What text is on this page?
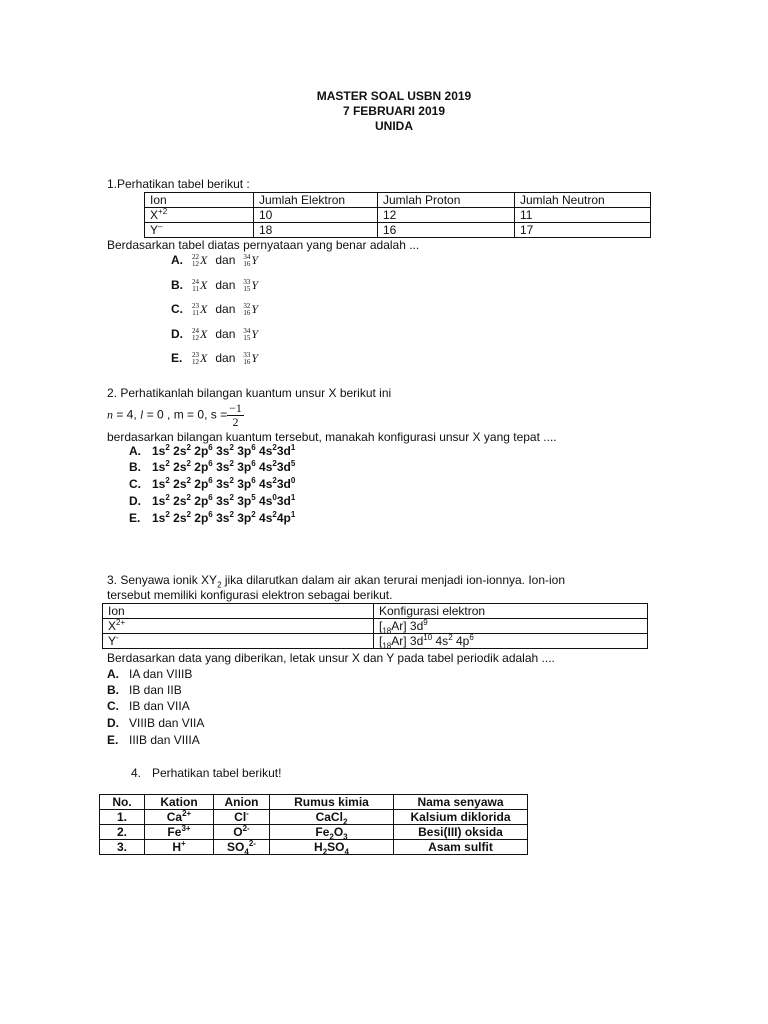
MASTER SOAL USBN 2019
7 FEBRUARI 2019
UNIDA
1.Perhatikan tabel berikut :
Ion	Jumlah Elektron	Jumlah Proton	Jumlah Neutron
$X^{+2}$	10	12	11
Y–	18	16	17
Berdasarkan tabel diatas pernyataan yang benar adalah ...
A. 22
12 X dan 34
16 Y
B. 24
11 X dan 33
15 Y
C. 23
11 X dan 32
16 Y
D. 24
12 X dan 34
15 Y
E. 23
12 X dan 33
16 Y
2. Perhatikanlah bilangan kuantum unsur X berikut ini
n = 4, l = 0 , m = 0, $s = \frac{-1}{2}$
berdasarkan bilangan kuantum tersebut, manakah konfigurasi unsur X yang tepat ....
A. $1s^2$ $2s^2$ $2p^6$ $3s^2$ $3p^6$ $4s^23d^1$
B. $1s^2$ $2s^2$ $2p^6$ $3s^2$ $3p^6$ $4s^23d^5$
C. $1s^2$ $2s^2$ $2p^6$ $3s^2$ $3p^6$ $4s^23d^0$
D. $1s^2$ $2s^2$ $2p^6$ $3s^2$ $3p^5$ $4s^03d^1$
E. $1s^2$ $2s^2$ $2p^6$ $3s^2$ $3p^2$ $4s^24p^1$
3. Senyawa ionik $XY_2$ jika dilarutkan dalam air akan terurai menjadi ion-ionnya. Ion-ion
tersebut memiliki konfigurasi elektron sebagai berikut.
Ion	Konfigurasi elektron
$X^{2+}$	$[_{18}Ar]$ $3d^9$
Y-	$[_{18}Ar]$ $3d^{10}$ $4s^2$ $4p^6$
Berdasarkan data yang diberikan, letak unsur X dan Y pada tabel periodik adalah ....
A. IA dan VIIIB
B. IB dan IIB
C. IB dan VIIA
D. VIIIB dan VIIA
E. IIIB dan VIIIA
4. Perhatikan tabel berikut!
No.	Kation	Anion	Rumus kimia	Nama senyawa
1.	$Ca^{2+}$	Cl-	CaCl$_2$	Kalsium diklorida
2.	$Fe^{3+}$	$O^{2-}$	$Fe_2O_3$	Besi(III) oksida
3.	H+	$SO_4^{2-}$	$H_2SO_4$	Asam sulfit
